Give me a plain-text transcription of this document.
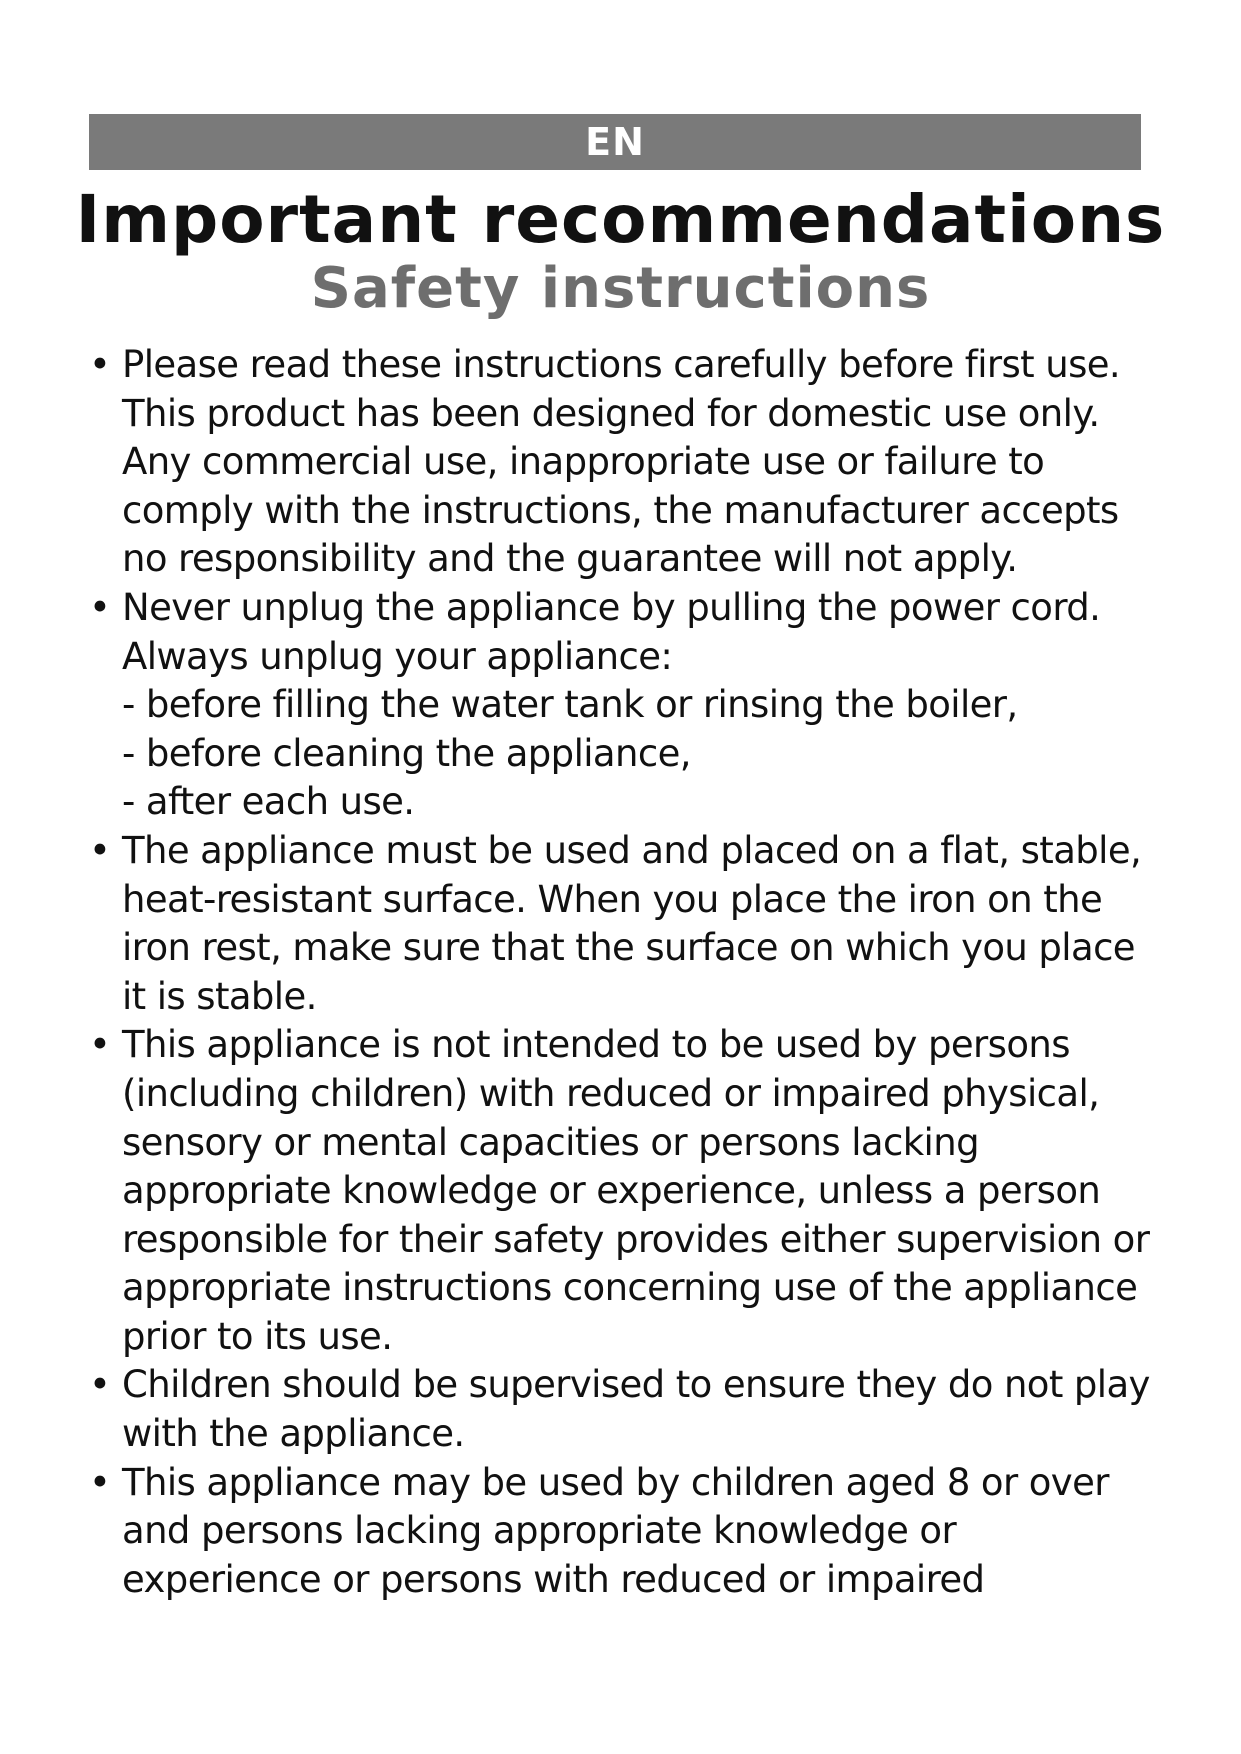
EN
Important recommendations
Safety instructions
• Please read these instructions carefully before first use.
This product has been designed for domestic use only.
Any commercial use, inappropriate use or failure to
comply with the instructions, the manufacturer accepts
no responsibility and the guarantee will not apply.
• Never unplug the appliance by pulling the power cord.
Always unplug your appliance:
- before filling the water tank or rinsing the boiler,
- before cleaning the appliance,
- after each use.
• The appliance must be used and placed on a flat, stable,
heat-resistant surface. When you place the iron on the
iron rest, make sure that the surface on which you place
it is stable.
• This appliance is not intended to be used by persons
(including children) with reduced or impaired physical,
sensory or mental capacities or persons lacking
appropriate knowledge or experience, unless a person
responsible for their safety provides either supervision or
appropriate instructions concerning use of the appliance
prior to its use.
• Children should be supervised to ensure they do not play
with the appliance.
• This appliance may be used by children aged 8 or over
and persons lacking appropriate knowledge or
experience or persons with reduced or impaired
